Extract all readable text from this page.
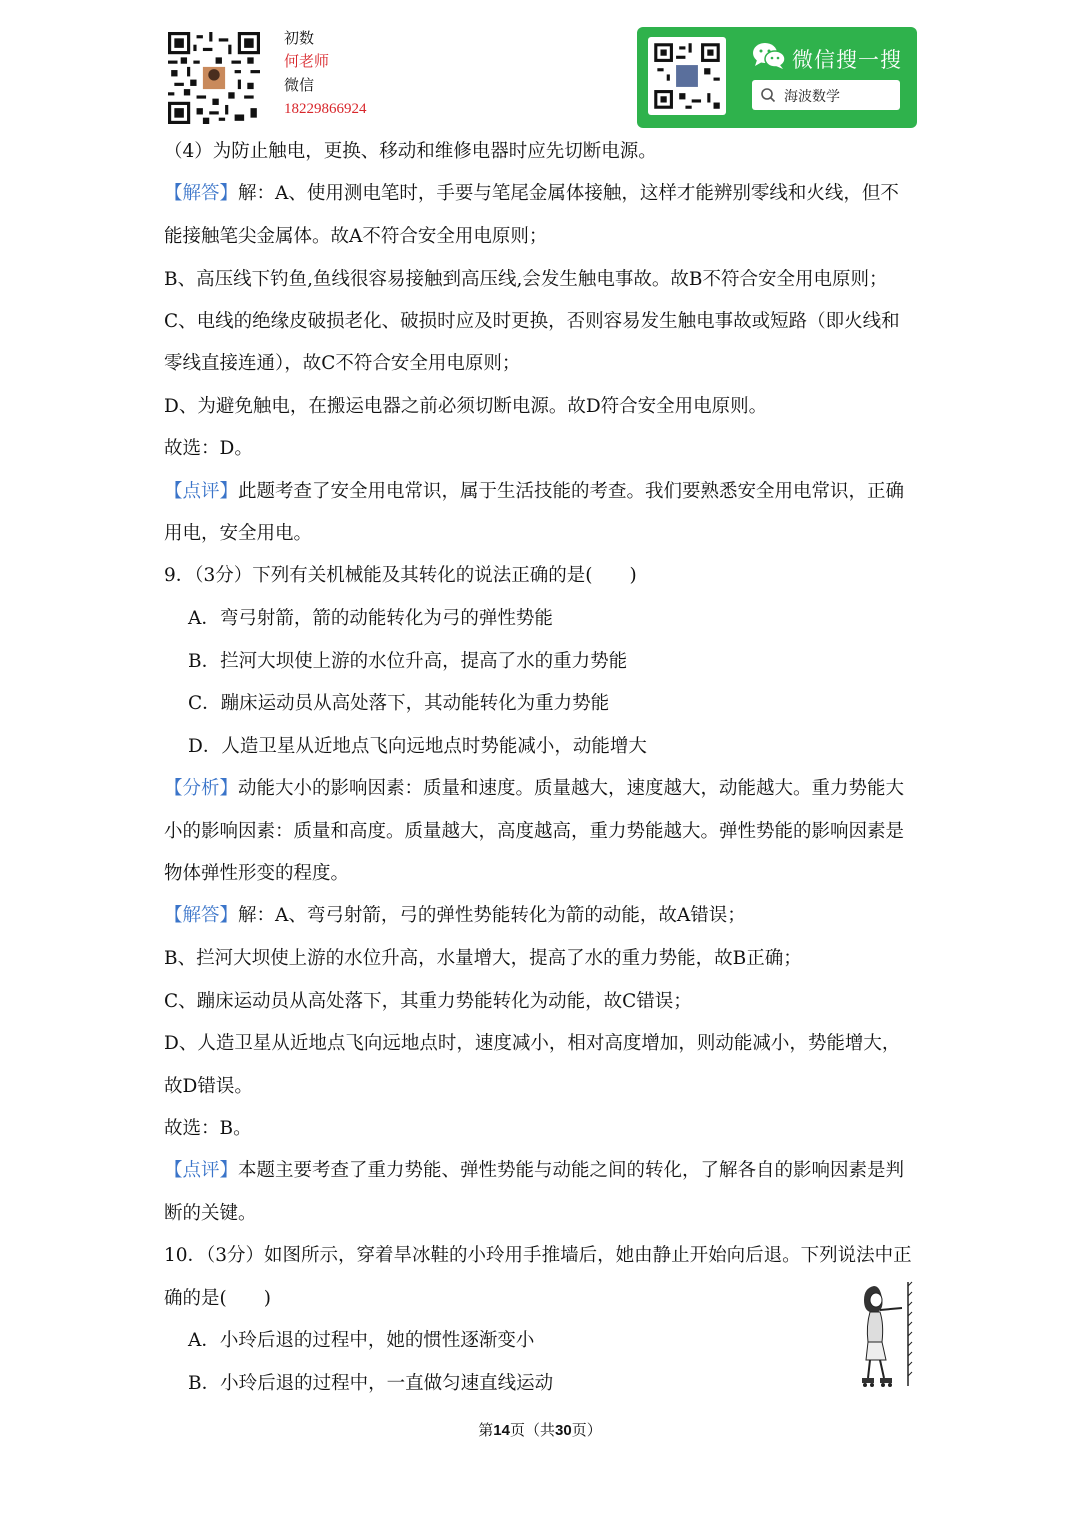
初数
何老师
微信
18229866924
微信搜一搜
海波数学
（4）为防止触电，更换、移动和维修电器时应先切断电源。
【解答】解：A、使用测电笔时，手要与笔尾金属体接触，这样才能辨别零线和火线，但不
能接触笔尖金属体。故A不符合安全用电原则；
B、高压线下钓鱼,鱼线很容易接触到高压线,会发生触电事故。故B不符合安全用电原则；
C、电线的绝缘皮破损老化、破损时应及时更换，否则容易发生触电事故或短路（即火线和
零线直接连通），故C不符合安全用电原则；
D、为避免触电，在搬运电器之前必须切断电源。故D符合安全用电原则。
故选：D。
【点评】此题考查了安全用电常识，属于生活技能的考查。我们要熟悉安全用电常识，正确
用电，安全用电。
9．（3分）下列有关机械能及其转化的说法正确的是(　　)
A．弯弓射箭，箭的动能转化为弓的弹性势能
B．拦河大坝使上游的水位升高，提高了水的重力势能
C．蹦床运动员从高处落下，其动能转化为重力势能
D．人造卫星从近地点飞向远地点时势能减小，动能增大
【分析】动能大小的影响因素：质量和速度。质量越大，速度越大，动能越大。重力势能大
小的影响因素：质量和高度。质量越大，高度越高，重力势能越大。弹性势能的影响因素是
物体弹性形变的程度。
【解答】解：A、弯弓射箭，弓的弹性势能转化为箭的动能，故A错误；
B、拦河大坝使上游的水位升高，水量增大，提高了水的重力势能，故B正确；
C、蹦床运动员从高处落下，其重力势能转化为动能，故C错误；
D、人造卫星从近地点飞向远地点时，速度减小，相对高度增加，则动能减小，势能增大，
故D错误。
故选：B。
【点评】本题主要考查了重力势能、弹性势能与动能之间的转化，了解各自的影响因素是判
断的关键。
10．（3分）如图所示，穿着旱冰鞋的小玲用手推墙后，她由静止开始向后退。下列说法中正
确的是(　　)
A．小玲后退的过程中，她的惯性逐渐变小
B．小玲后退的过程中，一直做匀速直线运动
第14页（共30页）
